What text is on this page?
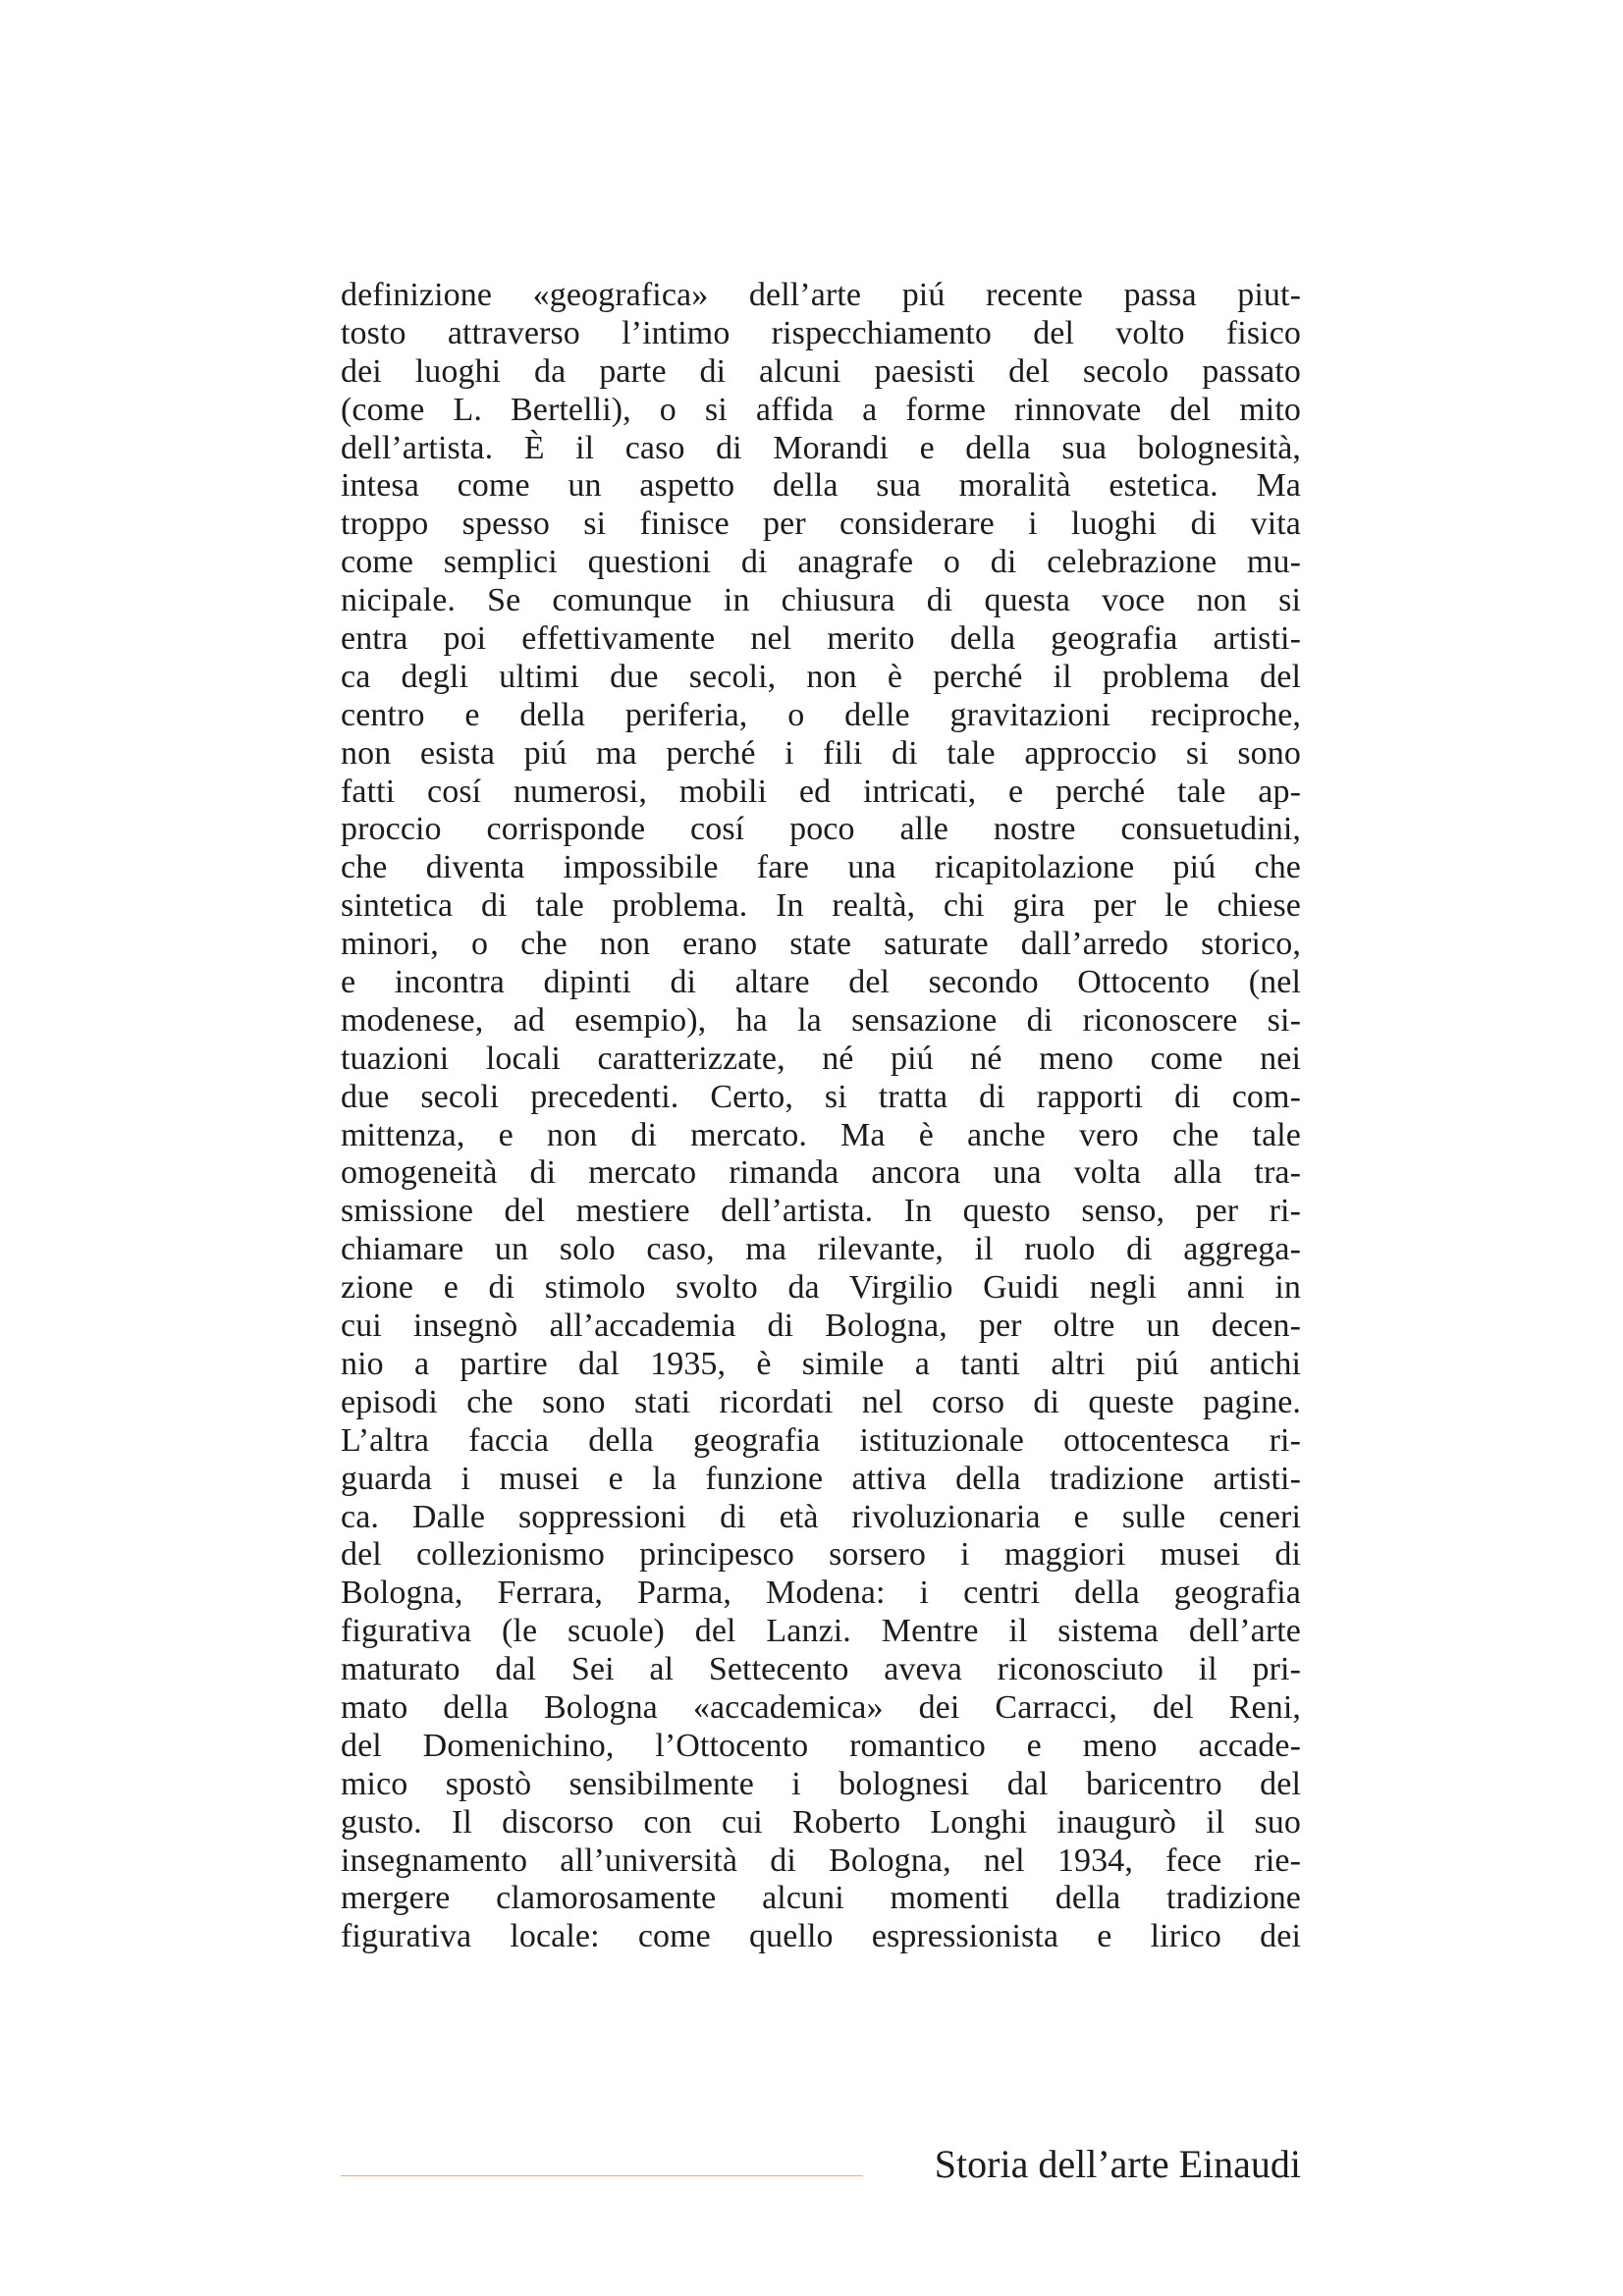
definizione «geografica» dell’arte piú recente passa piut-
tosto attraverso l’intimo rispecchiamento del volto fisico
dei luoghi da parte di alcuni paesisti del secolo passato
(come L. Bertelli), o si affida a forme rinnovate del mito
dell’artista. È il caso di Morandi e della sua bolognesità,
intesa come un aspetto della sua moralità estetica. Ma
troppo spesso si finisce per considerare i luoghi di vita
come semplici questioni di anagrafe o di celebrazione mu-
nicipale. Se comunque in chiusura di questa voce non si
entra poi effettivamente nel merito della geografia artisti-
ca degli ultimi due secoli, non è perché il problema del
centro e della periferia, o delle gravitazioni reciproche,
non esista piú ma perché i fili di tale approccio si sono
fatti cosí numerosi, mobili ed intricati, e perché tale ap-
proccio corrisponde cosí poco alle nostre consuetudini,
che diventa impossibile fare una ricapitolazione piú che
sintetica di tale problema. In realtà, chi gira per le chiese
minori, o che non erano state saturate dall’arredo storico,
e incontra dipinti di altare del secondo Ottocento (nel
modenese, ad esempio), ha la sensazione di riconoscere si-
tuazioni locali caratterizzate, né piú né meno come nei
due secoli precedenti. Certo, si tratta di rapporti di com-
mittenza, e non di mercato. Ma è anche vero che tale
omogeneità di mercato rimanda ancora una volta alla tra-
smissione del mestiere dell’artista. In questo senso, per ri-
chiamare un solo caso, ma rilevante, il ruolo di aggrega-
zione e di stimolo svolto da Virgilio Guidi negli anni in
cui insegnò all’accademia di Bologna, per oltre un decen-
nio a partire dal 1935, è simile a tanti altri piú antichi
episodi che sono stati ricordati nel corso di queste pagine.
L’altra faccia della geografia istituzionale ottocentesca ri-
guarda i musei e la funzione attiva della tradizione artisti-
ca. Dalle soppressioni di età rivoluzionaria e sulle ceneri
del collezionismo principesco sorsero i maggiori musei di
Bologna, Ferrara, Parma, Modena: i centri della geografia
figurativa (le scuole) del Lanzi. Mentre il sistema dell’arte
maturato dal Sei al Settecento aveva riconosciuto il pri-
mato della Bologna «accademica» dei Carracci, del Reni,
del Domenichino, l’Ottocento romantico e meno accade-
mico spostò sensibilmente i bolognesi dal baricentro del
gusto. Il discorso con cui Roberto Longhi inaugurò il suo
insegnamento all’università di Bologna, nel 1934, fece rie-
mergere clamorosamente alcuni momenti della tradizione
figurativa locale: come quello espressionista e lirico dei
Storia dell’arte Einaudi
